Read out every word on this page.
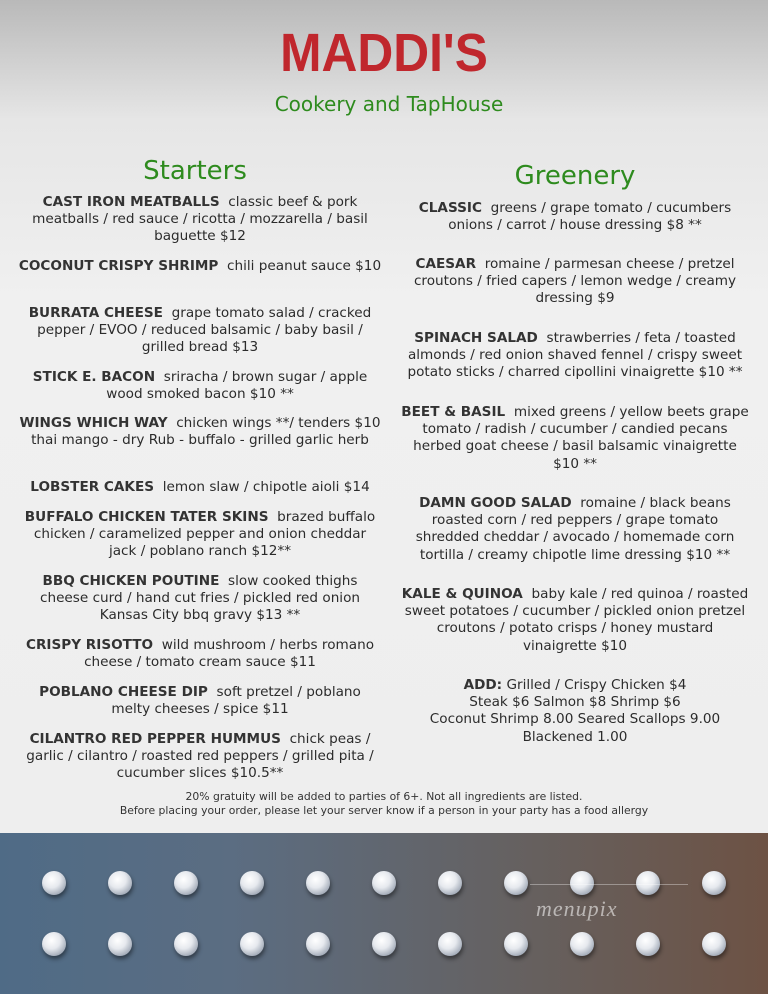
MADDI'S
Cookery and TapHouse
Starters
CAST IRON MEATBALLS classic beef & pork meatballs / red sauce / ricotta / mozzarella / basil baguette $12
COCONUT CRISPY SHRIMP chili peanut sauce $10
BURRATA CHEESE grape tomato salad / cracked pepper / EVOO / reduced balsamic / baby basil / grilled bread $13
STICK E. BACON sriracha / brown sugar / apple wood smoked bacon $10 **
WINGS WHICH WAY chicken wings **/ tenders $10
thai mango - dry Rub - buffalo - grilled garlic herb
LOBSTER CAKES lemon slaw / chipotle aioli $14
BUFFALO CHICKEN TATER SKINS brazed buffalo chicken / caramelized pepper and onion cheddar jack / poblano ranch $12**
BBQ CHICKEN POUTINE slow cooked thighs cheese curd / hand cut fries / pickled red onion Kansas City bbq gravy $13 **
CRISPY RISOTTO wild mushroom / herbs romano cheese / tomato cream sauce $11
POBLANO CHEESE DIP soft pretzel / poblano melty cheeses / spice $11
CILANTRO RED PEPPER HUMMUS chick peas / garlic / cilantro / roasted red peppers / grilled pita / cucumber slices $10.5**
Greenery
CLASSIC greens / grape tomato / cucumbers onions / carrot / house dressing $8 **
CAESAR romaine / parmesan cheese / pretzel croutons / fried capers / lemon wedge / creamy dressing $9
SPINACH SALAD strawberries / feta / toasted almonds / red onion shaved fennel / crispy sweet potato sticks / charred cipollini vinaigrette $10 **
BEET & BASIL mixed greens / yellow beets grape tomato / radish / cucumber / candied pecans herbed goat cheese / basil balsamic vinaigrette $10 **
DAMN GOOD SALAD romaine / black beans roasted corn / red peppers / grape tomato shredded cheddar / avocado / homemade corn tortilla / creamy chipotle lime dressing $10 **
KALE & QUINOA baby kale / red quinoa / roasted sweet potatoes / cucumber / pickled onion pretzel croutons / potato crisps / honey mustard vinaigrette $10
ADD: Grilled / Crispy Chicken $4
Steak $6 Salmon $8 Shrimp $6
Coconut Shrimp 8.00 Seared Scallops 9.00
Blackened 1.00
20% gratuity will be added to parties of 6+. Not all ingredients are listed.
Before placing your order, please let your server know if a person in your party has a food allergy
menupix
